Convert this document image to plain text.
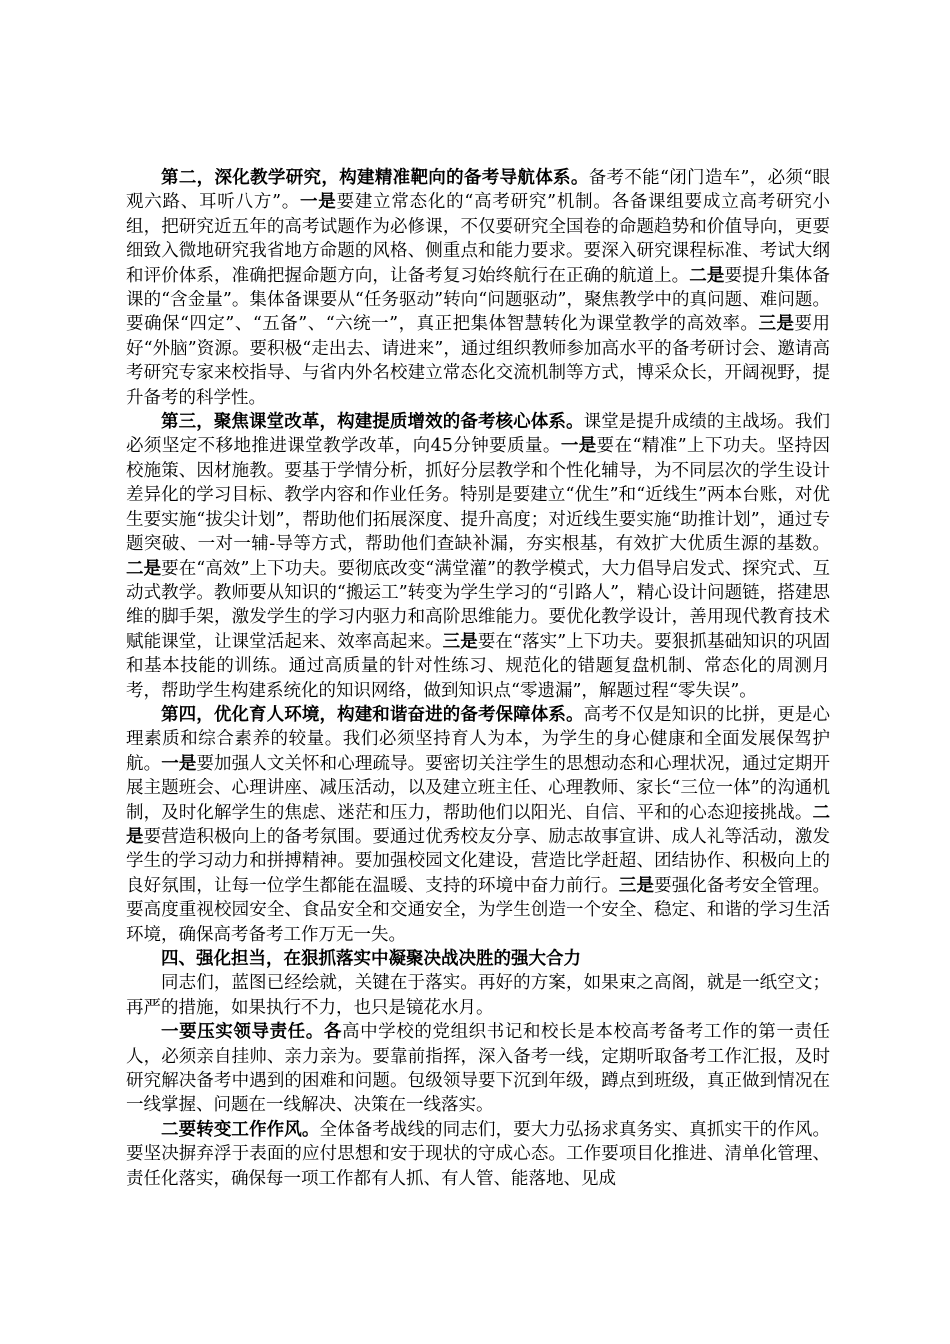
第二，深化教学研究，构建精准靶向的备考导航体系。备考不能“闭门造车”，必须“眼观六路、耳听八方”。一是要建立常态化的“高考研究”机制。各备课组要成立高考研究小组，把研究近五年的高考试题作为必修课，不仅要研究全国卷的命题趋势和价值导向，更要细致入微地研究我省地方命题的风格、侧重点和能力要求。要深入研究课程标准、考试大纲和评价体系，准确把握命题方向，让备考复习始终航行在正确的航道上。二是要提升集体备课的“含金量”。集体备课要从“任务驱动”转向“问题驱动”，聚焦教学中的真问题、难问题。要确保“四定”、“五备”、“六统一”，真正把集体智慧转化为课堂教学的高效率。三是要用好“外脑”资源。要积极“走出去、请进来”，通过组织教师参加高水平的备考研讨会、邀请高考研究专家来校指导、与省内外名校建立常态化交流机制等方式，博采众长，开阔视野，提升备考的科学性。

第三，聚焦课堂改革，构建提质增效的备考核心体系。课堂是提升成绩的主战场。我们必须坚定不移地推进课堂教学改革，向45分钟要质量。一是要在“精准”上下功夫。坚持因校施策、因材施教。要基于学情分析，抓好分层教学和个性化辅导，为不同层次的学生设计差异化的学习目标、教学内容和作业任务。特别是要建立“优生”和“近线生”两本台账，对优生要实施“拔尖计划”，帮助他们拓展深度、提升高度；对近线生要实施“助推计划”，通过专题突破、一对一辅-导等方式，帮助他们查缺补漏，夯实根基，有效扩大优质生源的基数。二是要在“高效”上下功夫。要彻底改变“满堂灌”的教学模式，大力倡导启发式、探究式、互动式教学。教师要从知识的“搬运工”转变为学生学习的“引路人”，精心设计问题链，搭建思维的脚手架，激发学生的学习内驱力和高阶思维能力。要优化教学设计，善用现代教育技术赋能课堂，让课堂活起来、效率高起来。三是要在“落实”上下功夫。要狠抓基础知识的巩固和基本技能的训练。通过高质量的针对性练习、规范化的错题复盘机制、常态化的周测月考，帮助学生构建系统化的知识网络，做到知识点“零遗漏”，解题过程“零失误”。

第四，优化育人环境，构建和谐奋进的备考保障体系。高考不仅是知识的比拼，更是心理素质和综合素养的较量。我们必须坚持育人为本，为学生的身心健康和全面发展保驾护航。一是要加强人文关怀和心理疏导。要密切关注学生的思想动态和心理状况，通过定期开展主题班会、心理讲座、减压活动，以及建立班主任、心理教师、家长“三位一体”的沟通机制，及时化解学生的焦虑、迷茫和压力，帮助他们以阳光、自信、平和的心态迎接挑战。二是要营造积极向上的备考氛围。要通过优秀校友分享、励志故事宣讲、成人礼等活动，激发学生的学习动力和拼搏精神。要加强校园文化建设，营造比学赶超、团结协作、积极向上的良好氛围，让每一位学生都能在温暖、支持的环境中奋力前行。三是要强化备考安全管理。要高度重视校园安全、食品安全和交通安全，为学生创造一个安全、稳定、和谐的学习生活环境，确保高考备考工作万无一失。

四、强化担当，在狠抓落实中凝聚决战决胜的强大合力

同志们，蓝图已经绘就，关键在于落实。再好的方案，如果束之高阁，就是一纸空文；再严的措施，如果执行不力，也只是镜花水月。

一要压实领导责任。各高中学校的党组织书记和校长是本校高考备考工作的第一责任人，必须亲自挂帅、亲力亲为。要靠前指挥，深入备考一线，定期听取备考工作汇报，及时研究解决备考中遇到的困难和问题。包级领导要下沉到年级，蹲点到班级，真正做到情况在一线掌握、问题在一线解决、决策在一线落实。

二要转变工作作风。全体备考战线的同志们，要大力弘扬求真务实、真抓实干的作风。要坚决摒弃浮于表面的应付思想和安于现状的守成心态。工作要项目化推进、清单化管理、责任化落实，确保每一项工作都有人抓、有人管、能落地、见成
